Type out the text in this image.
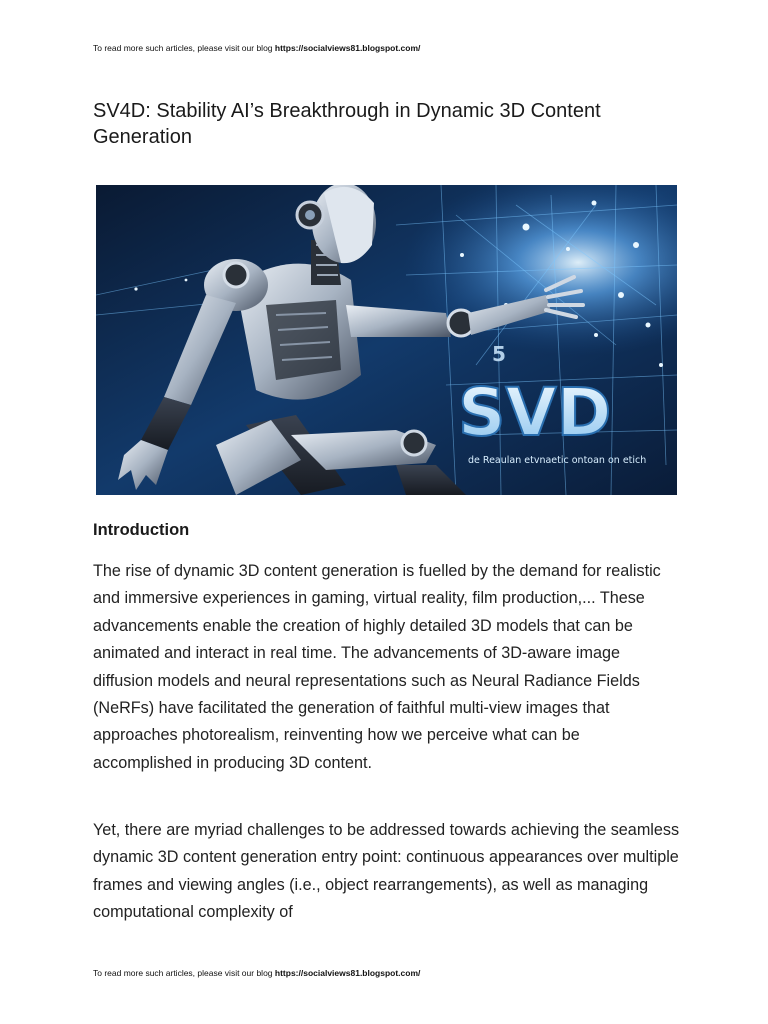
To read more such articles, please visit our blog https://socialviews81.blogspot.com/
SV4D: Stability AI’s Breakthrough in Dynamic 3D Content Generation
SVD
5
de Reaulan etvnaetic ontoan on etich
Introduction

The rise of dynamic 3D content generation is fuelled by the demand for realistic and immersive experiences in gaming, virtual reality, film production,... These advancements enable the creation of highly detailed 3D models that can be animated and interact in real time. The advancements of 3D-aware image diffusion models and neural representations such as Neural Radiance Fields (NeRFs) have facilitated the generation of faithful multi-view images that approaches photorealism, reinventing how we perceive what can be accomplished in producing 3D content.

Yet, there are myriad challenges to be addressed towards achieving the seamless dynamic 3D content generation entry point: continuous appearances over multiple frames and viewing angles (i.e., object rearrangements), as well as managing computational complexity of

To read more such articles, please visit our blog https://socialviews81.blogspot.com/
